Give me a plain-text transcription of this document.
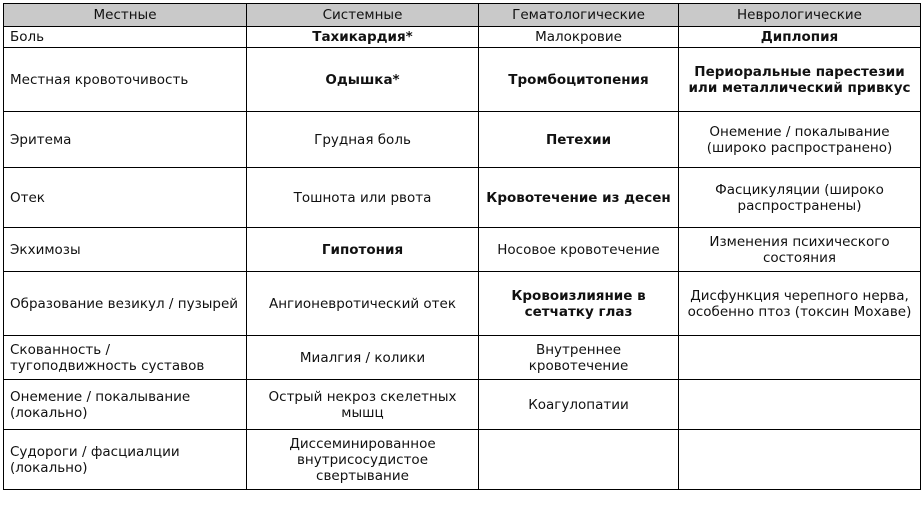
Местные	Системные	Гематологические	Неврологические
Боль	Тахикардия*	Малокровие	Диплопия
Местная кровоточивость	Одышка*	Тромбоцитопения	Периоральные парестезии или металлический привкус
Эритема	Грудная боль	Петехии	Онемение / покалывание (широко распространено)
Отек	Тошнота или рвота	Кровотечение из десен	Фасцикуляции (широко распространены)
Экхимозы	Гипотония	Носовое кровотечение	Изменения психического состояния
Образование везикул / пузырей	Ангионевротический отек	Кровоизлияние в сетчатку глаз	Дисфункция черепного нерва, особенно птоз (токсин Мохаве)
Скованность / тугоподвижность суставов	Миалгия / колики	Внутреннее кровотечение	
Онемение / покалывание (локально)	Острый некроз скелетных мышц	Коагулопатии	
Судороги / фасциалции (локально)	Диссеминированное внутрисосудистое свертывание		
